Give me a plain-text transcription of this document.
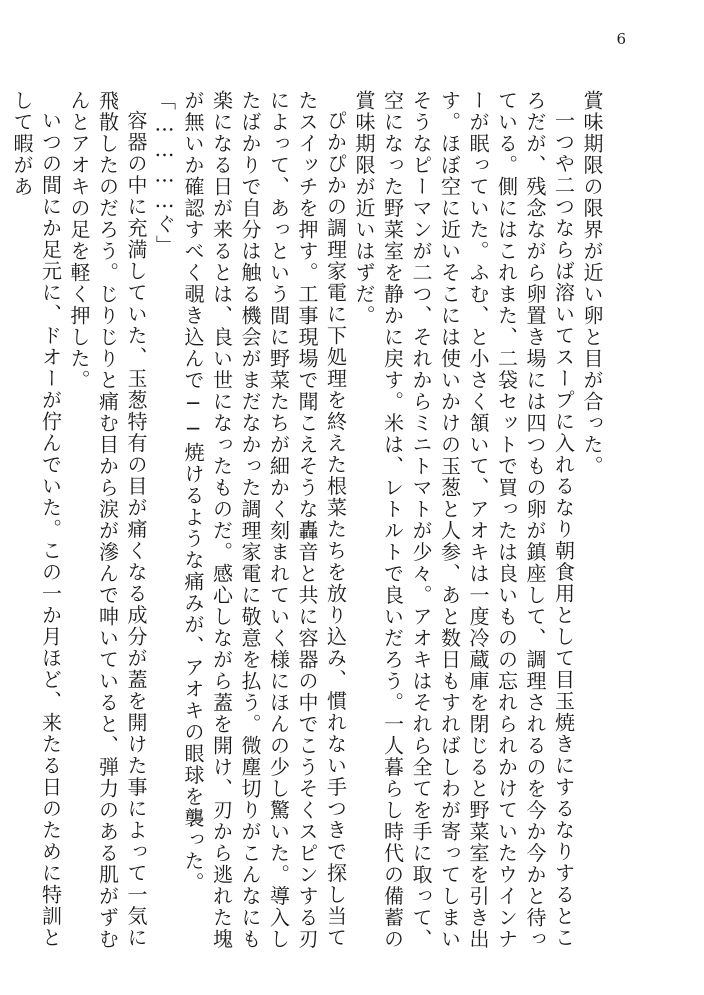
6

賞味期限の限界が近い卵と目が合った。

一つや二つならば溶いてスープに入れるなり朝食用として目玉焼きにするなりするところだが、残念ながら卵置き場には四つもの卵が鎮座して、調理されるのを今か今かと待っている。側にはこれまた、二袋セットで買ったは良いものの忘れられかけていたウインナーが眠っていた。ふむ、と小さく頷いて、アオキは一度冷蔵庫を閉じると野菜室を引き出す。ほぼ空に近いそこには使いかけの玉葱と人参、あと数日もすればしわが寄ってしまいそうなピーマンが二つ、それからミニトマトが少々。アオキはそれら全てを手に取って、空になった野菜室を静かに戻す。米は、レトルトで良いだろう。一人暮らし時代の備蓄の賞味期限が近いはずだ。

ぴかぴかの調理家電に下処理を終えた根菜たちを放り込み、慣れない手つきで探し当てたスイッチを押す。工事現場で聞こえそうな轟音と共に容器の中でこうそくスピンする刃によって、あっという間に野菜たちが細かく刻まれていく様にほんの少し驚いた。導入したばかりで自分は触る機会がまだなかった調理家電に敬意を払う。微塵切りがこんなにも楽になる日が来るとは、良い世になったものだ。感心しながら蓋を開け、刃から逃れた塊が無いか確認すべく覗き込んで──焼けるような痛みが、アオキの眼球を襲った。

「…………ぐ」

容器の中に充満していた、玉葱特有の目が痛くなる成分が蓋を開けた事によって一気に飛散したのだろう。じりじりと痛む目から涙が滲んで呻いていると、弾力のある肌がずむんとアオキの足を軽く押した。

いつの間にか足元に、ドオーが佇んでいた。この一か月ほど、来たる日のために特訓として暇があ
